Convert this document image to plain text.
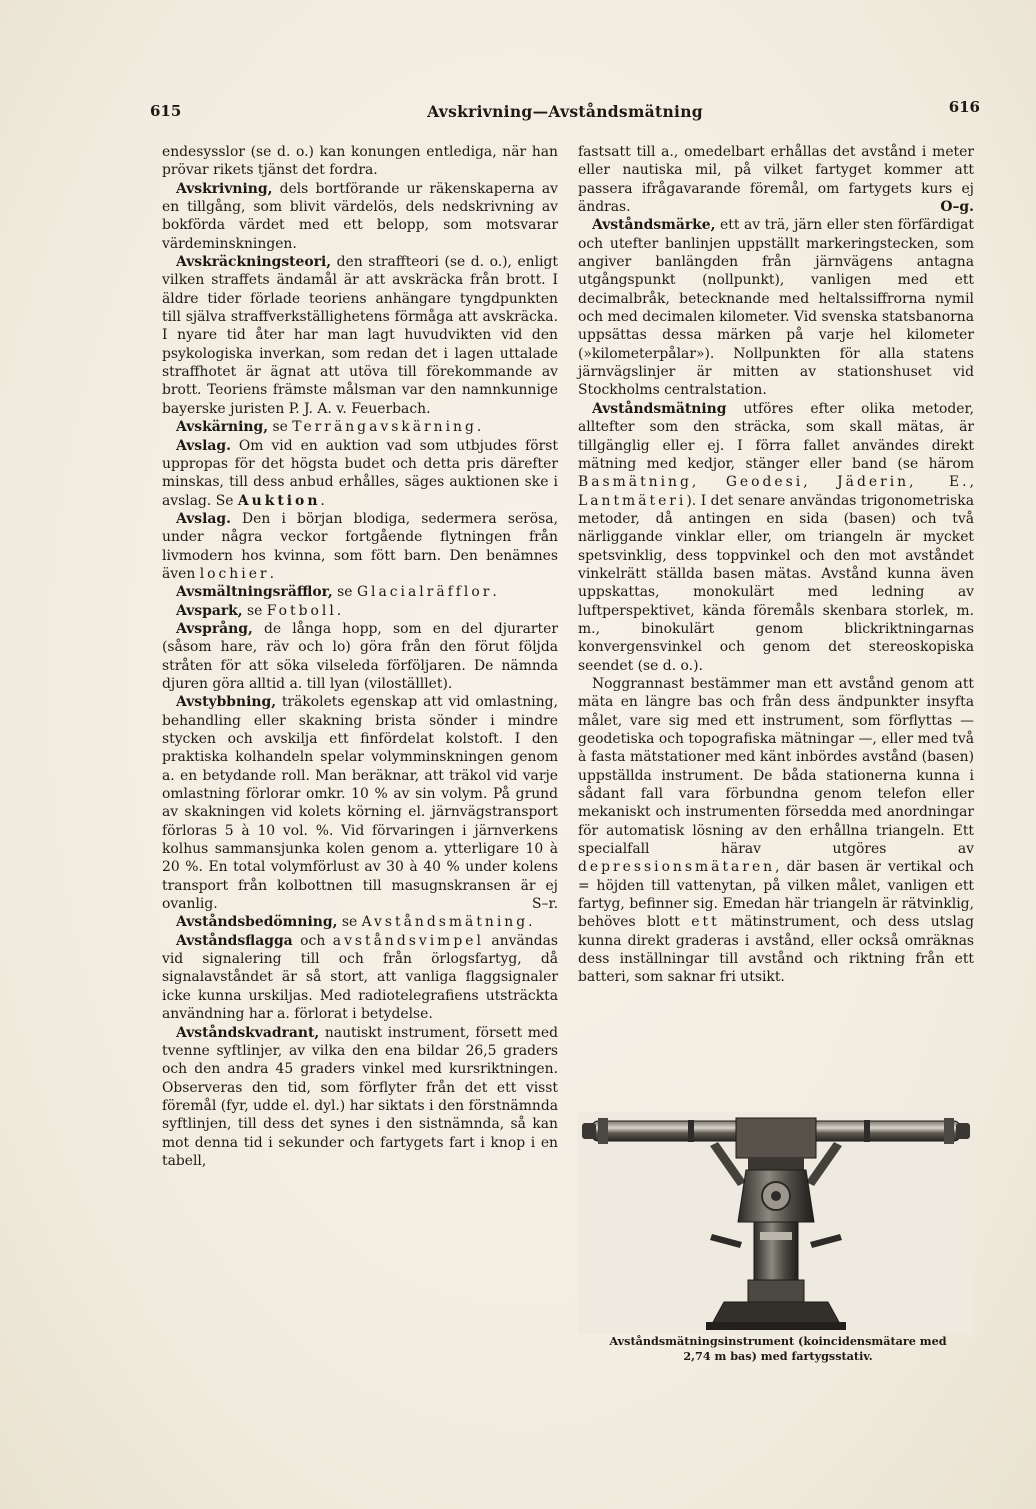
615	Avskrivning—Avståndsmätning	616

endesysslor (se d. o.) kan konungen entlediga, när han prövar rikets tjänst det fordra.

Avskrivning, dels bortförande ur räkenskaperna av en tillgång, som blivit värdelös, dels nedskrivning av bokförda värdet med ett belopp, som motsvarar värdeminskningen.

Avskräckningsteori, den straffteori (se d. o.), enligt vilken straffets ändamål är att avskräcka från brott. I äldre tider förlade teoriens anhängare tyngdpunkten till själva straffverkställighetens förmåga att avskräcka. I nyare tid åter har man lagt huvudvikten vid den psykologiska inverkan, som redan det i lagen uttalade straffhotet är ägnat att utöva till förekommande av brott. Teoriens främste målsman var den namnkunnige bayerske juristen P. J. A. v. Feuerbach.

Avskärning, se Terrängavskärning.

Avslag. Om vid en auktion vad som utbjudes först uppropas för det högsta budet och detta pris därefter minskas, till dess anbud erhålles, säges auktionen ske i avslag. Se Auktion.

Avslag. Den i början blodiga, sedermera serösa, under några veckor fortgående flytningen från livmodern hos kvinna, som fött barn. Den benämnes även lochier.

Avsmältningsräfflor, se Glacialräfflor.

Avspark, se Fotboll.

Avsprång, de långa hopp, som en del djurarter (såsom hare, räv och lo) göra från den förut följda stråten för att söka vilseleda förföljaren. De nämnda djuren göra alltid a. till lyan (viloställlet).

Avstybbning, träkolets egenskap att vid omlastning, behandling eller skakning brista sönder i mindre stycken och avskilja ett finfördelat kolstoft. I den praktiska kolhandeln spelar volymminskningen genom a. en betydande roll. Man beräknar, att träkol vid varje omlastning förlorar omkr. 10 % av sin volym. På grund av skakningen vid kolets körning el. järnvägstransport förloras 5 à 10 vol. %. Vid förvaringen i järnverkens kolhus sammansjunka kolen genom a. ytterligare 10 à 20 %. En total volymförlust av 30 à 40 % under kolens transport från kolbottnen till masugnskransen är ej ovanlig.	S–r.

Avståndsbedömning, se Avståndsmätning.

Avståndsflagga och avståndsvimpel användas vid signalering till och från örlogsfartyg, då signalavståndet är så stort, att vanliga flaggsignaler icke kunna urskiljas. Med radiotelegrafiens utsträckta användning har a. förlorat i betydelse.

Avståndskvadrant, nautiskt instrument, försett med tvenne syftlinjer, av vilka den ena bildar 26,5 graders och den andra 45 graders vinkel med kursriktningen. Observeras den tid, som förflyter från det ett visst föremål (fyr, udde el. dyl.) har siktats i den förstnämnda syftlinjen, till dess det synes i den sistnämnda, så kan mot denna tid i sekunder och fartygets fart i knop i en tabell,

fastsatt till a., omedelbart erhållas det avstånd i meter eller nautiska mil, på vilket fartyget kommer att passera ifrågavarande föremål, om fartygets kurs ej ändras.	O–g.

Avståndsmärke, ett av trä, järn eller sten förfärdigat och utefter banlinjen uppställt markeringstecken, som angiver banlängden från järnvägens antagna utgångspunkt (nollpunkt), vanligen med ett decimalbråk, betecknande med heltalssiffrorna nymil och med decimalen kilometer. Vid svenska statsbanorna uppsättas dessa märken på varje hel kilometer (»kilometerpålar»). Nollpunkten för alla statens järnvägslinjer är mitten av stationshuset vid Stockholms centralstation.

Avståndsmätning utföres efter olika metoder, alltefter som den sträcka, som skall mätas, är tillgänglig eller ej. I förra fallet användes direkt mätning med kedjor, stänger eller band (se härom Basmätning, Geodesi, Jäderin, E., Lantmäteri). I det senare användas trigonometriska metoder, då antingen en sida (basen) och två närliggande vinklar eller, om triangeln är mycket spetsvinklig, dess toppvinkel och den mot avståndet vinkelrätt ställda basen mätas. Avstånd kunna även uppskattas, monokulärt med ledning av luftperspektivet, kända föremåls skenbara storlek, m. m., binokulärt genom blickriktningarnas konvergensvinkel och genom det stereoskopiska seendet (se d. o.).

Noggrannast bestämmer man ett avstånd genom att mäta en längre bas och från dess ändpunkter insyfta målet, vare sig med ett instrument, som förflyttas — geodetiska och topografiska mätningar —, eller med två à fasta mätstationer med känt inbördes avstånd (basen) uppställda instrument. De båda stationerna kunna i sådant fall vara förbundna genom telefon eller mekaniskt och instrumenten försedda med anordningar för automatisk lösning av den erhållna triangeln. Ett specialfall härav utgöres av depressionsmätaren, där basen är vertikal och = höjden till vattenytan, på vilken målet, vanligen ett fartyg, befinner sig. Emedan här triangeln är rätvinklig, behöves blott ett mätinstrument, och dess utslag kunna direkt graderas i avstånd, eller också omräknas dess inställningar till avstånd och riktning från ett batteri, som saknar fri utsikt.

Avståndsmätningsinstrument (koincidensmätare med
2,74 m bas) med fartygsstativ.
